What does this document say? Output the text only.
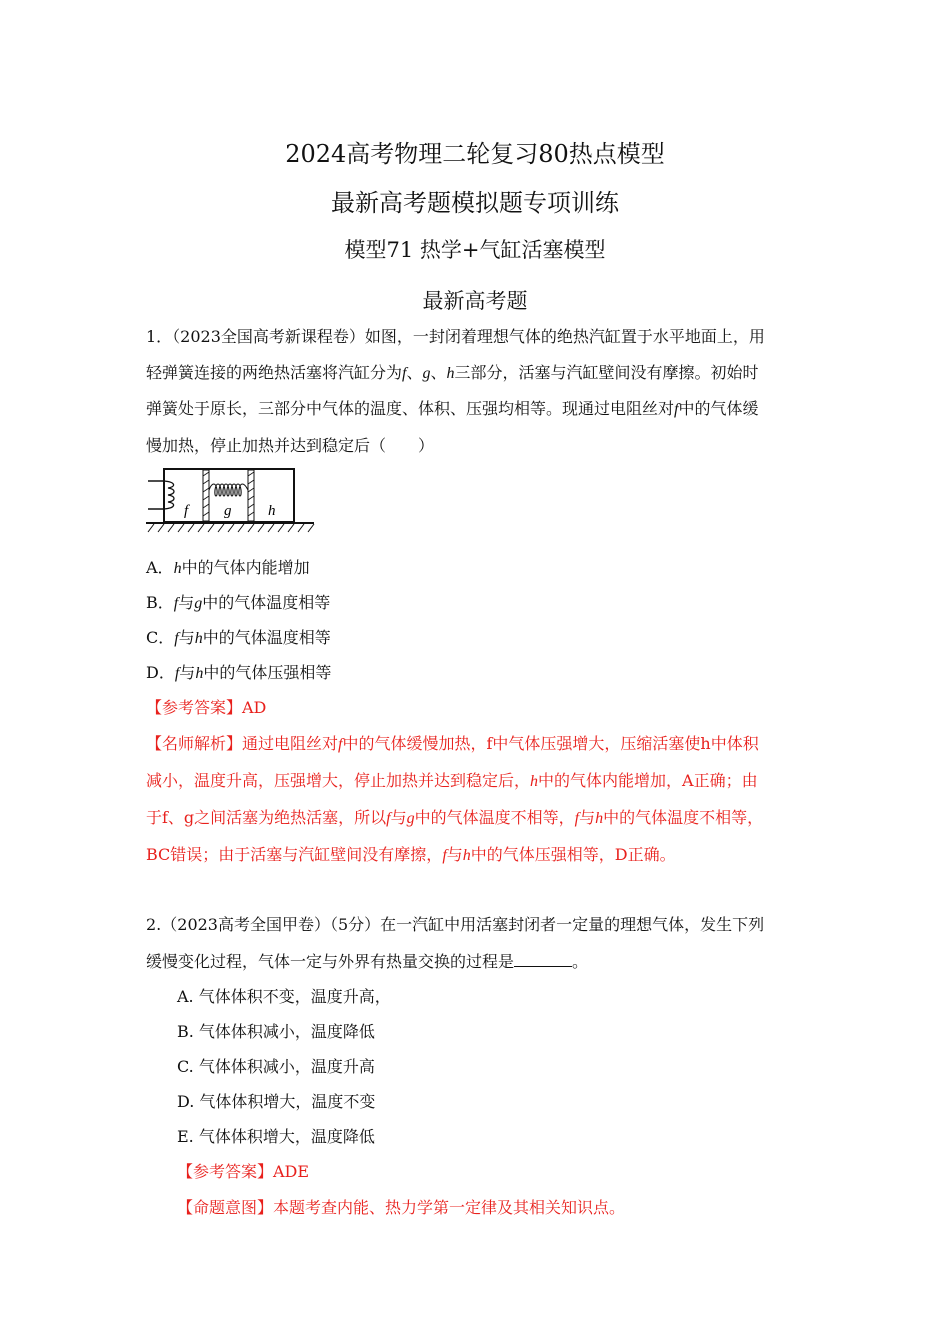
2024高考物理二轮复习80热点模型
最新高考题模拟题专项训练
模型71 热学+气缸活塞模型
最新高考题
1．（2023全国高考新课程卷）如图，一封闭着理想气体的绝热汽缸置于水平地面上，用
轻弹簧连接的两绝热活塞将汽缸分为f、g、h三部分，活塞与汽缸壁间没有摩擦。初始时
弹簧处于原长，三部分中气体的温度、体积、压强均相等。现通过电阻丝对f中的气体缓
慢加热，停止加热并达到稳定后（　　）
f g h
A．h中的气体内能增加
B．f与g中的气体温度相等
C．f与h中的气体温度相等
D．f与h中的气体压强相等
【参考答案】AD
【名师解析】通过电阻丝对f中的气体缓慢加热，f中气体压强增大，压缩活塞使h中体积
减小，温度升高，压强增大，停止加热并达到稳定后，h中的气体内能增加，A正确；由
于f、g之间活塞为绝热活塞，所以f与g中的气体温度不相等，f与h中的气体温度不相等，
BC错误；由于活塞与汽缸壁间没有摩擦，f与h中的气体压强相等，D正确。
2.（2023高考全国甲卷）（5分）在一汽缸中用活塞封闭者一定量的理想气体，发生下列
缓慢变化过程，气体一定与外界有热量交换的过程是	。
A. 气体体积不变，温度升高，
B. 气体体积减小，温度降低
C. 气体体积减小，温度升高
D. 气体体积增大，温度不变
E. 气体体积增大，温度降低
【参考答案】ADE
【命题意图】本题考查内能、热力学第一定律及其相关知识点。
